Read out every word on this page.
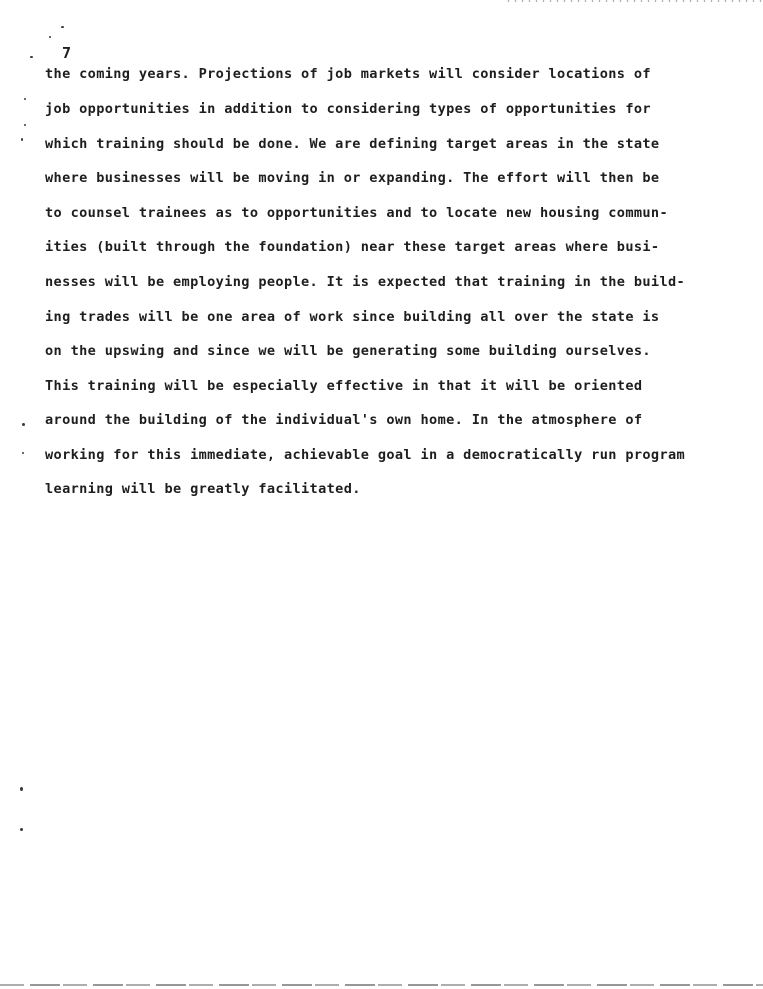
7
the coming years. Projections of job markets will consider locations of
job opportunities in addition to considering types of opportunities for
which training should be done. We are defining target areas in the state
where businesses will be moving in or expanding. The effort will then be
to counsel trainees as to opportunities and to locate new housing commun-
ities (built through the foundation) near these target areas where busi-
nesses will be employing people. It is expected that training in the build-
ing trades will be one area of work since building all over the state is
on the upswing and since we will be generating some building ourselves.
This training will be especially effective in that it will be oriented
around the building of the individual's own home. In the atmosphere of
working for this immediate, achievable goal in a democratically run program
learning will be greatly facilitated.
